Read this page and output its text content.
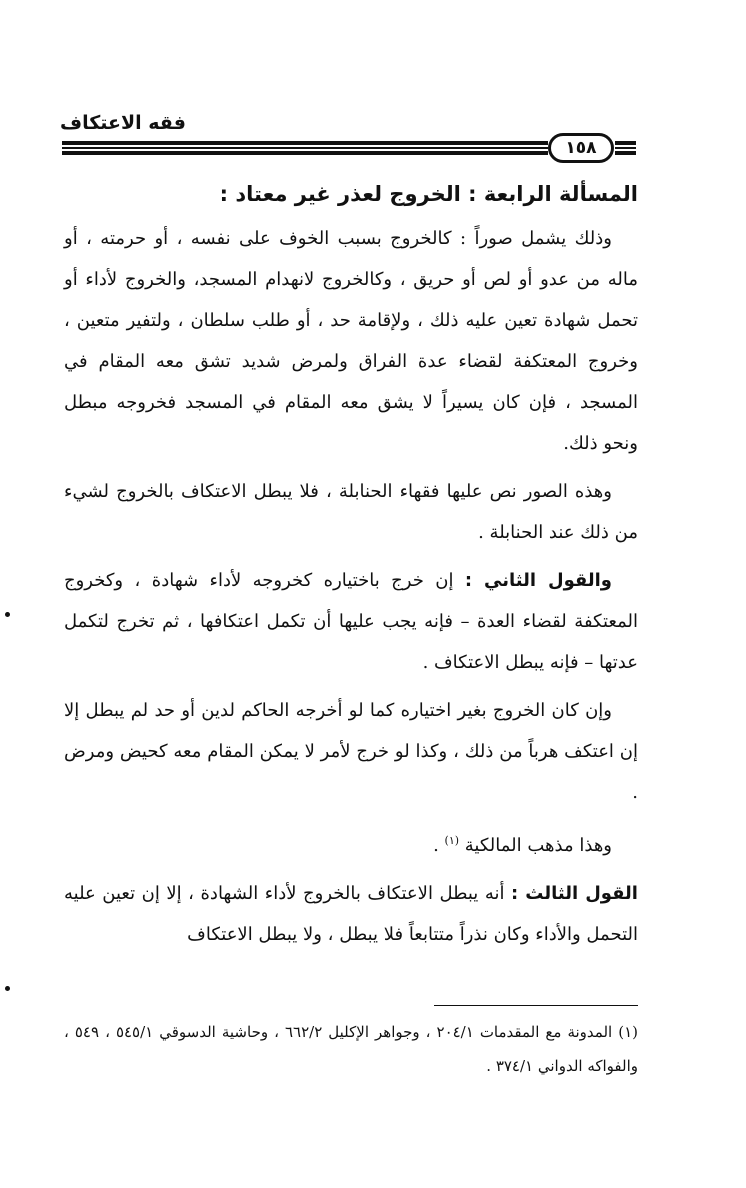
فقه الاعتكاف
١٥٨
المسألة الرابعة : الخروج لعذر غير معتاد :

وذلك يشمل صوراً : كالخروج بسبب الخوف على نفسه ، أو حرمته ، أو ماله من عدو أو لص أو حريق ، وكالخروج لانهدام المسجد، والخروج لأداء أو تحمل شهادة تعين عليه ذلك ، ولإقامة حد ، أو طلب سلطان ، ولتفير متعين ، وخروج المعتكفة لقضاء عدة الفراق ولمرض شديد تشق معه المقام في المسجد ، فإن كان يسيراً لا يشق معه المقام في المسجد فخروجه مبطل ونحو ذلك.

وهذه الصور نص عليها فقهاء الحنابلة ، فلا يبطل الاعتكاف بالخروج لشيء من ذلك عند الحنابلة .

والقول الثاني : إن خرج باختياره كخروجه لأداء شهادة ، وكخروج المعتكفة لقضاء العدة – فإنه يجب عليها أن تكمل اعتكافها ، ثم تخرج لتكمل عدتها – فإنه يبطل الاعتكاف .

وإن كان الخروج بغير اختياره كما لو أخرجه الحاكم لدين أو حد لم يبطل إلا إن اعتكف هرباً من ذلك ، وكذا لو خرج لأمر لا يمكن المقام معه كحيض ومرض .

وهذا مذهب المالكية $^{(١)}$ .

القول الثالث : أنه يبطل الاعتكاف بالخروج لأداء الشهادة ، إلا إن تعين عليه التحمل والأداء وكان نذراً متتابعاً فلا يبطل ، ولا يبطل الاعتكاف

(١) المدونة مع المقدمات ٢٠٤/١ ، وجواهر الإكليل ٦٦٢/٢ ، وحاشية الدسوقي ٥٤٥/١ ، ٥٤٩ ، والفواكه الدواني ٣٧٤/١ .
